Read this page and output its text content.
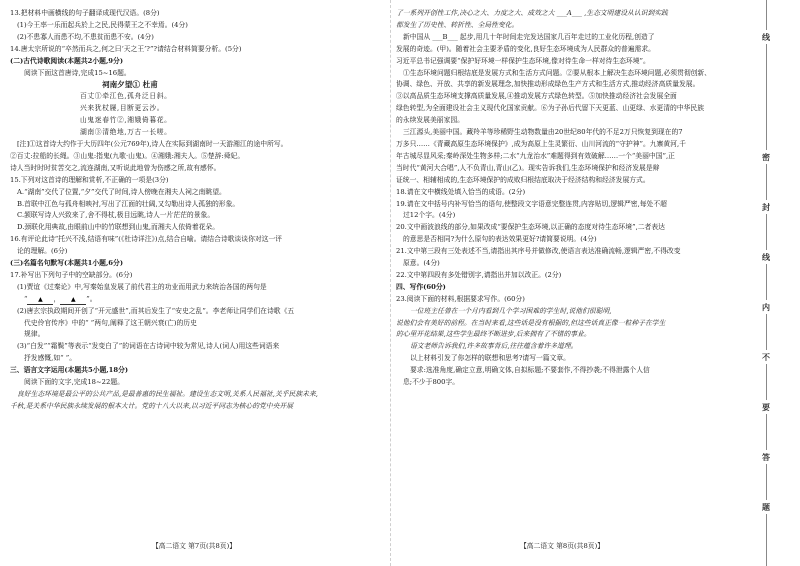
13.把材料中画横线的句子翻译成现代汉语。(8分)
(1)今王率一乐而起兵於上之民,民得蒙王之不幸焉。(4分)
(2)不患寡人而患不均,不患贫而患不安。(4分)
14.唐太宗所说的“卒然而兵之,何之曰‘天之王’?”?请结合材料简要分析。(5分)
(二)古代诗歌阅读(本题共2小题,9分)
阅读下面这首唐诗,完成15~16题。
祠南夕望① 杜甫
百丈①牵江色,孤舟泛日斜。
兴来犹杖屦,目断更云沙。
山鬼迷春竹②,湘娥倚暮花。
湖南③清绝地,万古一长嗟。
[注]①这首诗大约作于大历四年(公元769年),诗人在实际到湖南时一天游湘江的途中所写。
②百丈:拉船的长绳。③山鬼:指鬼(九歌·山鬼)。④湘娥:湘夫人。⑤楚辞:舜妃。
诗人当时时时贫苦交之,流连湖南,又听说此地曾为伤感之所,故有感怀。
15.下列对这首诗的理解和赏析,不正确的一项是(3分)
A.“湖南”交代了位置,“夕”交代了时间,诗人傍晚在湘夫人祠之南眺望。
B.首联中江色与孤舟相映衬,写出了江面的壮阔,又勾勒出诗人孤独的形象。
C.颔联写诗人兴致来了,舍不得杖,极目远眺,诗人一片茫茫的景象。
D.颈联化用典故,由眼前山中的竹联想到山鬼,而湘夫人依倚着花朵。
16.有评论此诗“托兴不浅,结语有味”(《杜诗详注》)点,结合自喻。请结合诗歌谈谈你对这一评
论的理解。(6分)
(三)名篇名句默写(本题共1小题,6分)
17.补写出下列句子中的空缺部分。(6分)
(1)贾谊《过秦论》中,写秦始皇发展了前代君主的功业而用武力来统治各国的两句是
“ ▲ ， ▲ ”。
(2)唐玄宗执政期间开创了“开元盛世”,而其后发生了“安史之乱”。李老师让同学们在诗歌《五
代史伶官传序》中的“ ”两句,阐释了这王朝兴衰(亡)的历史
规律。
(3)“白发”“霜鬓”等表示“发变白了”的词语在古诗词中较为常见,诗人(词人)用这些词语来
抒发感慨,如“ ”。
三、语言文字运用(本题共5小题,18分)
阅读下面的文字,完成18~22题。
良好生态环境是最公平的公共产品,是最普惠的民生福祉。建设生态文明,关系人民福祉,关乎民族未来,
千秋,是关系中华民族永续发展的根本大计。党的十八大以来,以习近平同志为核心的党中央开展
【高二语文 第7页(共8页)】
了一系列开创性工作,决心之大、力度之大、成效之大 ___A___ ,生态文明建设从认识到实践
都发生了历史性、转折性、全局性变化。
新中国从 ___B___ 起步,用几十年时间走完发达国家几百年走过的工业化历程,创造了
发展的奇迹。(甲)。随着社会主要矛盾的变化,良好生态环境成为人民群众的普遍需求。
习近平总书记强调要“保护好环境一样保护生态环境,像对待生命一样对待生态环境”。
①生态环境问题归根结底是发展方式和生活方式问题。②要从根本上解决生态环境问题,必须贯彻创新、
协调、绿色、开放、共享的新发展理念,加快推动形成绿色生产方式和生活方式,推动经济高质量发展。
③以高品质生态环境支撑高质量发展,④推动发展方式绿色转型。⑤加快推动经济社会发展全面
绿色转型,为全面建设社会主义现代化国家贡献。⑥为子孙后代留下天更蓝、山更绿、水更清的中华民族
的永续发展美丽家园。
三江源头,美丽中国。藏羚羊等珍稀野生动物数量由20世纪80年代的不足2万只恢复到现在的7
万多只……《青藏高原生态环境保护》,成为高原上生灵繁衍、山川河流的“守护神”。九寨黄河,千
年古城尽显风采;秦岭深处生物多样;二水“九龙治水”难题得到有效破解……一个“美丽中国”,正
当时代“黄河大合唱”,人不负青山,青山(乙)。现实告诉我们,生态环境保护和经济发展是辩
证统一、相辅相成的,生态环境保护的成败归根结底取决于经济结构和经济发展方式。
18.请在文中横线处填入恰当的成语。(2分)
19.请在文中括号内补写恰当的语句,使整段文字语意完整连贯,内容贴切,逻辑严密,每处不超
过12个字。(4分)
20.文中画波浪线的部分,如果改成“要保护生态环境,以正确的态度对待生态环境”,二者表达
的意思是否相同?为什么原句的表达效果更好?请简要说明。(4分)
21.文中第三段有三处表述不当,请指出其序号并做修改,使语言表达准确流畅,逻辑严密,不得改变
原意。(4分)
22.文中第四段有多处错别字,请指出并加以改正。(2分)
四、写作(60分)
23.阅读下面的材料,根据要求写作。(60分)
一位班主任曾在一个月内看到几个学习困难的学生时,说他们很聪明,
说他们会有美好的前程。在当时来看,这些话是没有根据的,但这些话真正像一粒种子在学生
的心里开花结果,这些学生最终不断进步,后来拥有了不错的事业。
语文老师告诉我们,许多故事背后,往往蕴含着许多道理。
以上材料引发了你怎样的联想和思考?请写一篇文章。
要求:选准角度,确定立意,明确文体,自拟标题;不要套作,不得抄袭;不得泄露个人信
息;不少于800字。
【高二语文 第8页(共8页)】
线
密
封
线
内
不
要
答
题
